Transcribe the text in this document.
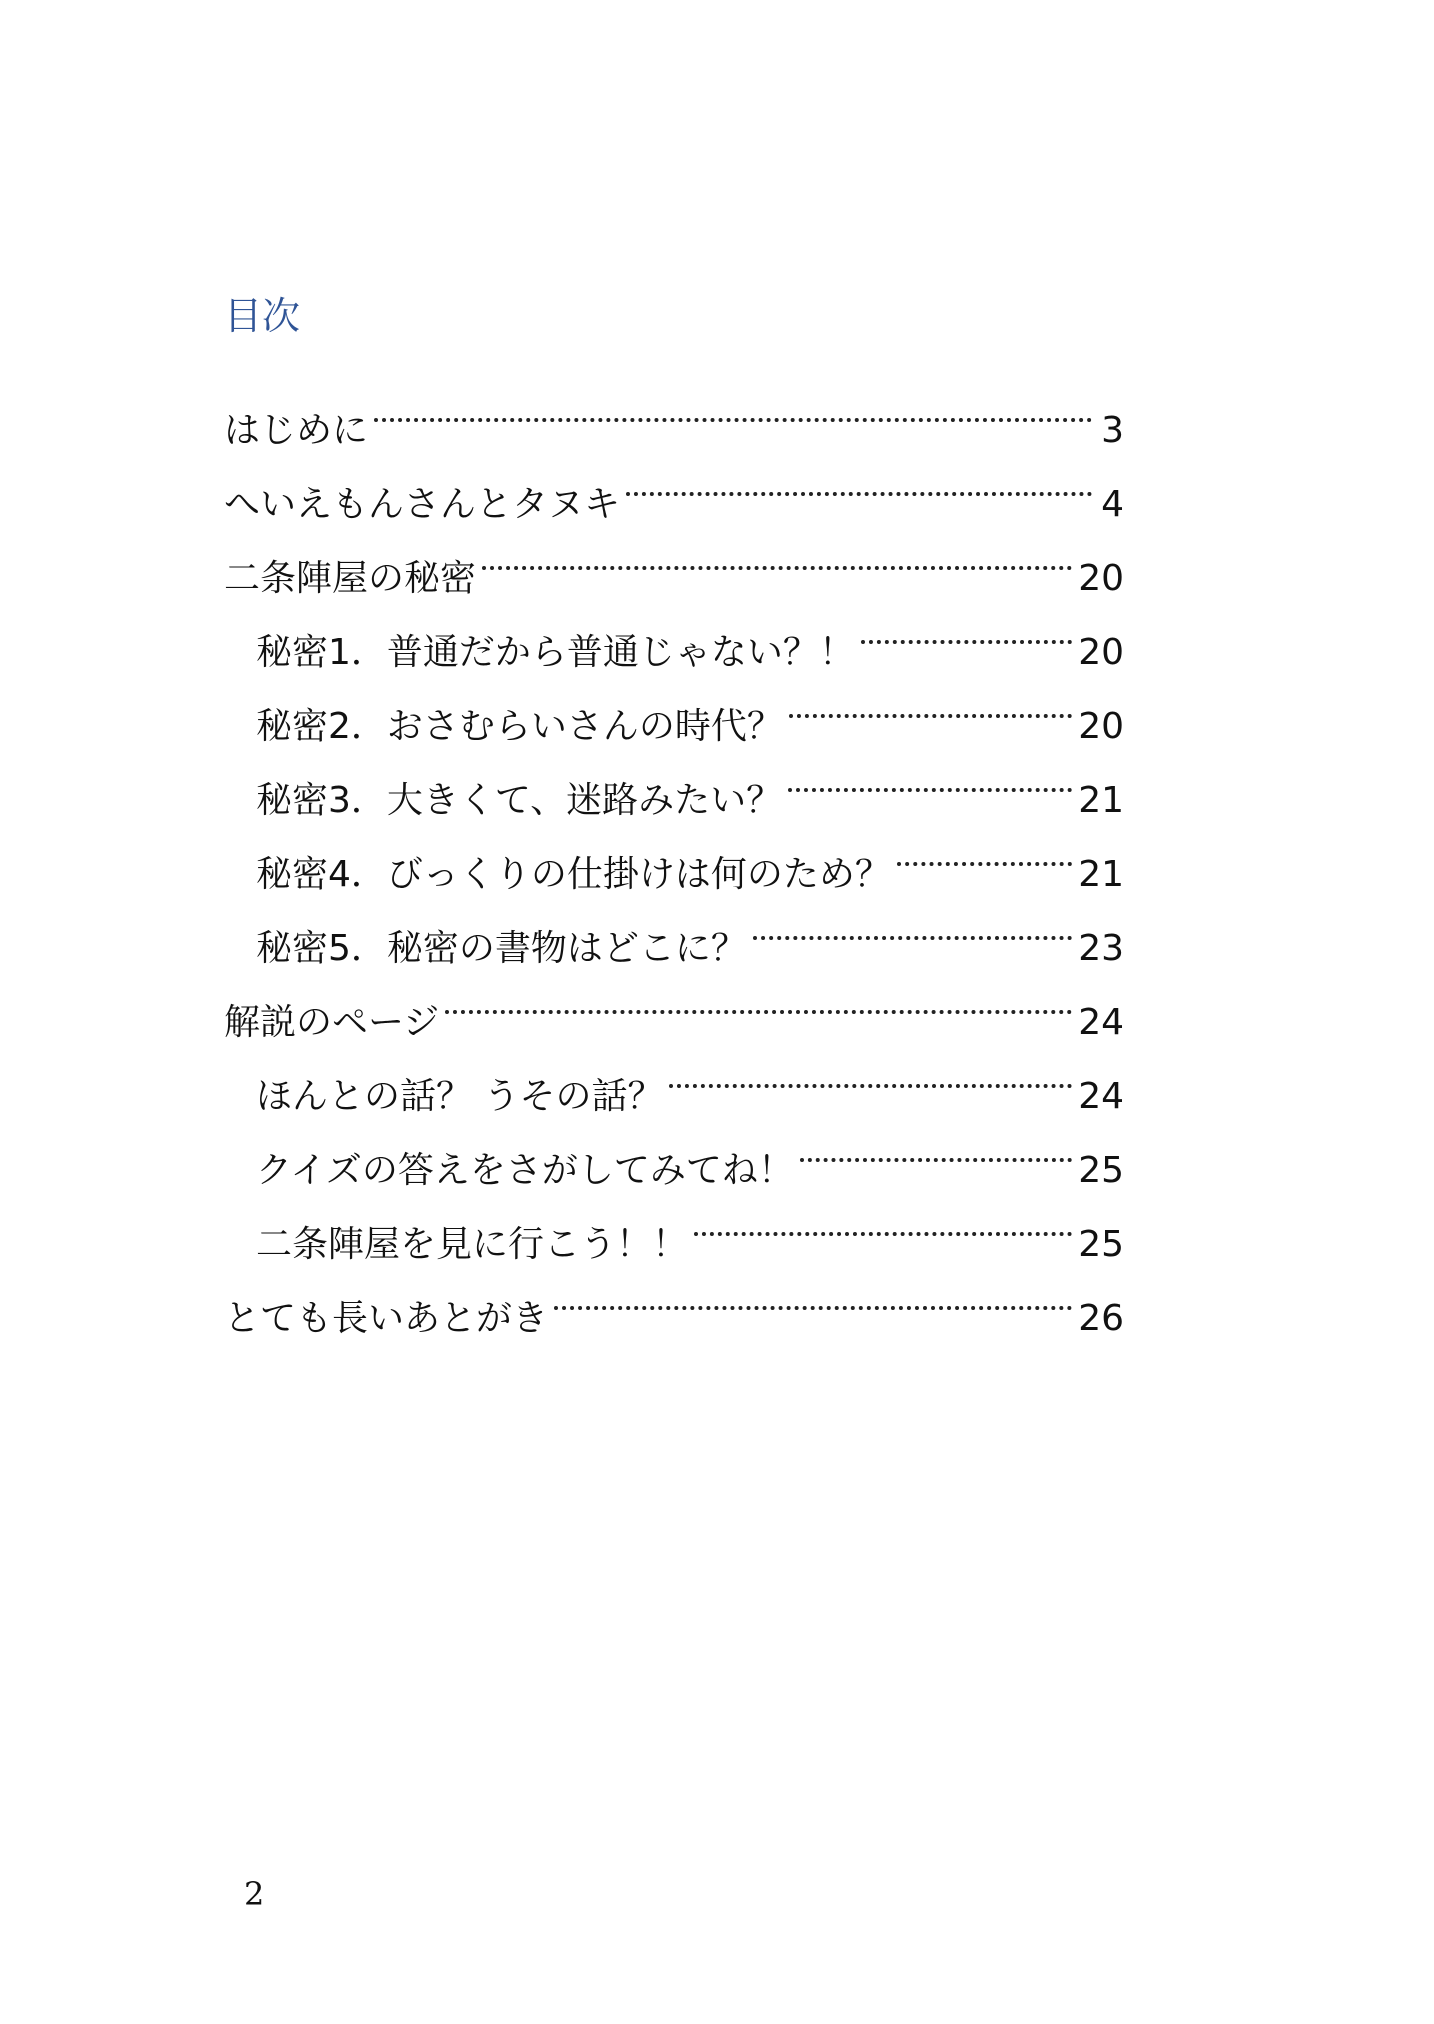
目次
はじめに	3
へいえもんさんとタヌキ	4
二条陣屋の秘密	20
秘密1．普通だから普通じゃない？！	20
秘密2．おさむらいさんの時代？	20
秘密3．大きくて、迷路みたい？	21
秘密4．びっくりの仕掛けは何のため？	21
秘密5．秘密の書物はどこに？	23
解説のページ	24
ほんとの話？ うその話？	24
クイズの答えをさがしてみてね！	25
二条陣屋を見に行こう！！	25
とても長いあとがき	26

2
